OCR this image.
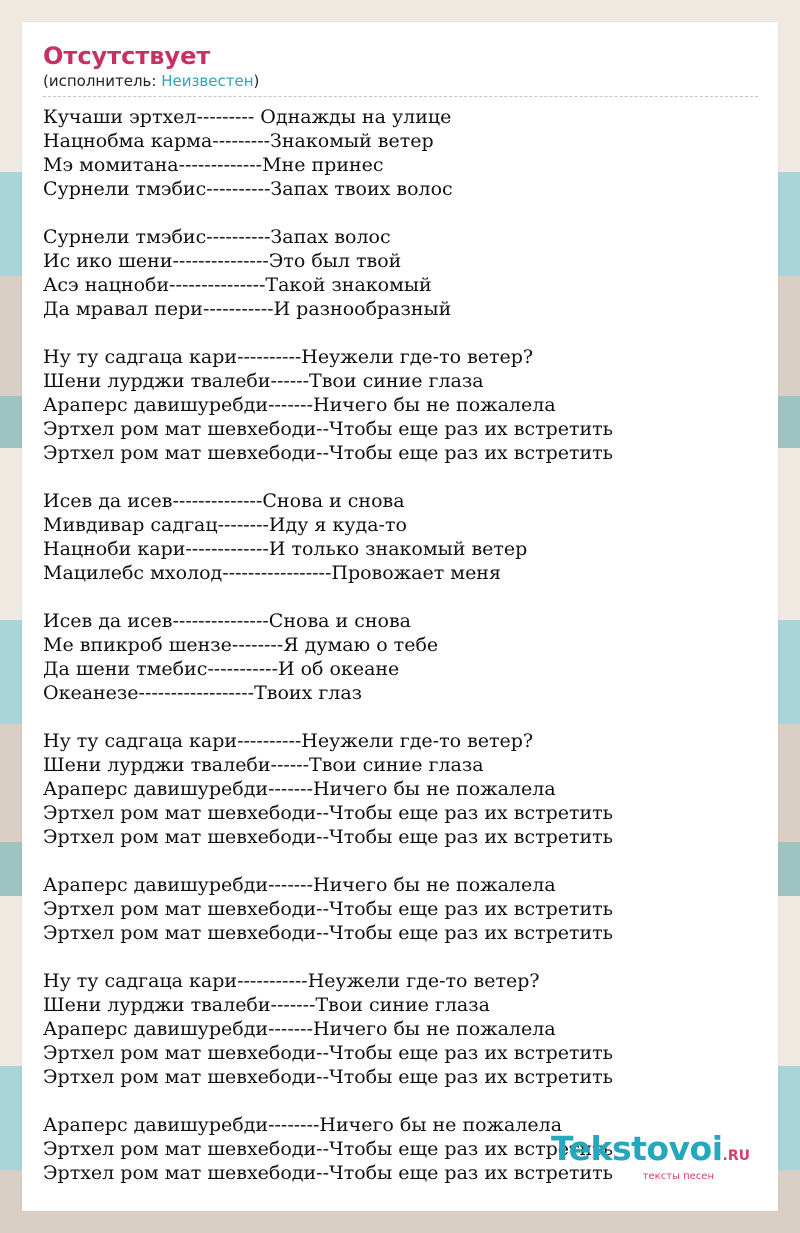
Отсутствует
(исполнитель: Неизвестен)
Кучаши эртхел--------- Однажды на улице
Нацнобма карма---------Знакомый ветер
Мэ момитана-------------Мне принес
Сурнели тмэбис----------Запах твоих волос
Сурнели тмэбис----------Запах волос
Ис ико шени---------------Это был твой
Асэ нацноби---------------Такой знакомый
Да мравал пери-----------И разнообразный
Ну ту садгаца кари----------Неужели где-то ветер?
Шени лурджи твалеби------Твои синие глаза
Араперс давишуребди-------Ничего бы не пожалела
Эртхел ром мат шевхебоди--Чтобы еще раз их встретить
Эртхел ром мат шевхебоди--Чтобы еще раз их встретить
Исев да исев--------------Снова и снова
Мивдивар садгац--------Иду я куда-то
Нацноби кари-------------И только знакомый ветер
Мацилебс мхолод-----------------Провожает меня
Исев да исев---------------Снова и снова
Ме впикроб шензе--------Я думаю о тебе
Да шени тмебис-----------И об океане
Океанезе------------------Твоих глаз
Ну ту садгаца кари----------Неужели где-то ветер?
Шени лурджи твалеби------Твои синие глаза
Араперс давишуребди-------Ничего бы не пожалела
Эртхел ром мат шевхебоди--Чтобы еще раз их встретить
Эртхел ром мат шевхебоди--Чтобы еще раз их встретить
Араперс давишуребди-------Ничего бы не пожалела
Эртхел ром мат шевхебоди--Чтобы еще раз их встретить
Эртхел ром мат шевхебоди--Чтобы еще раз их встретить
Ну ту садгаца кари-----------Неужели где-то ветер?
Шени лурджи твалеби-------Твои синие глаза
Араперс давишуребди-------Ничего бы не пожалела
Эртхел ром мат шевхебоди--Чтобы еще раз их встретить
Эртхел ром мат шевхебоди--Чтобы еще раз их встретить
Араперс давишуребди--------Ничего бы не пожалела
Эртхел ром мат шевхебоди--Чтобы еще раз их встретить
Эртхел ром мат шевхебоди--Чтобы еще раз их встретить
Tekstovoi.RU
тексты песен
